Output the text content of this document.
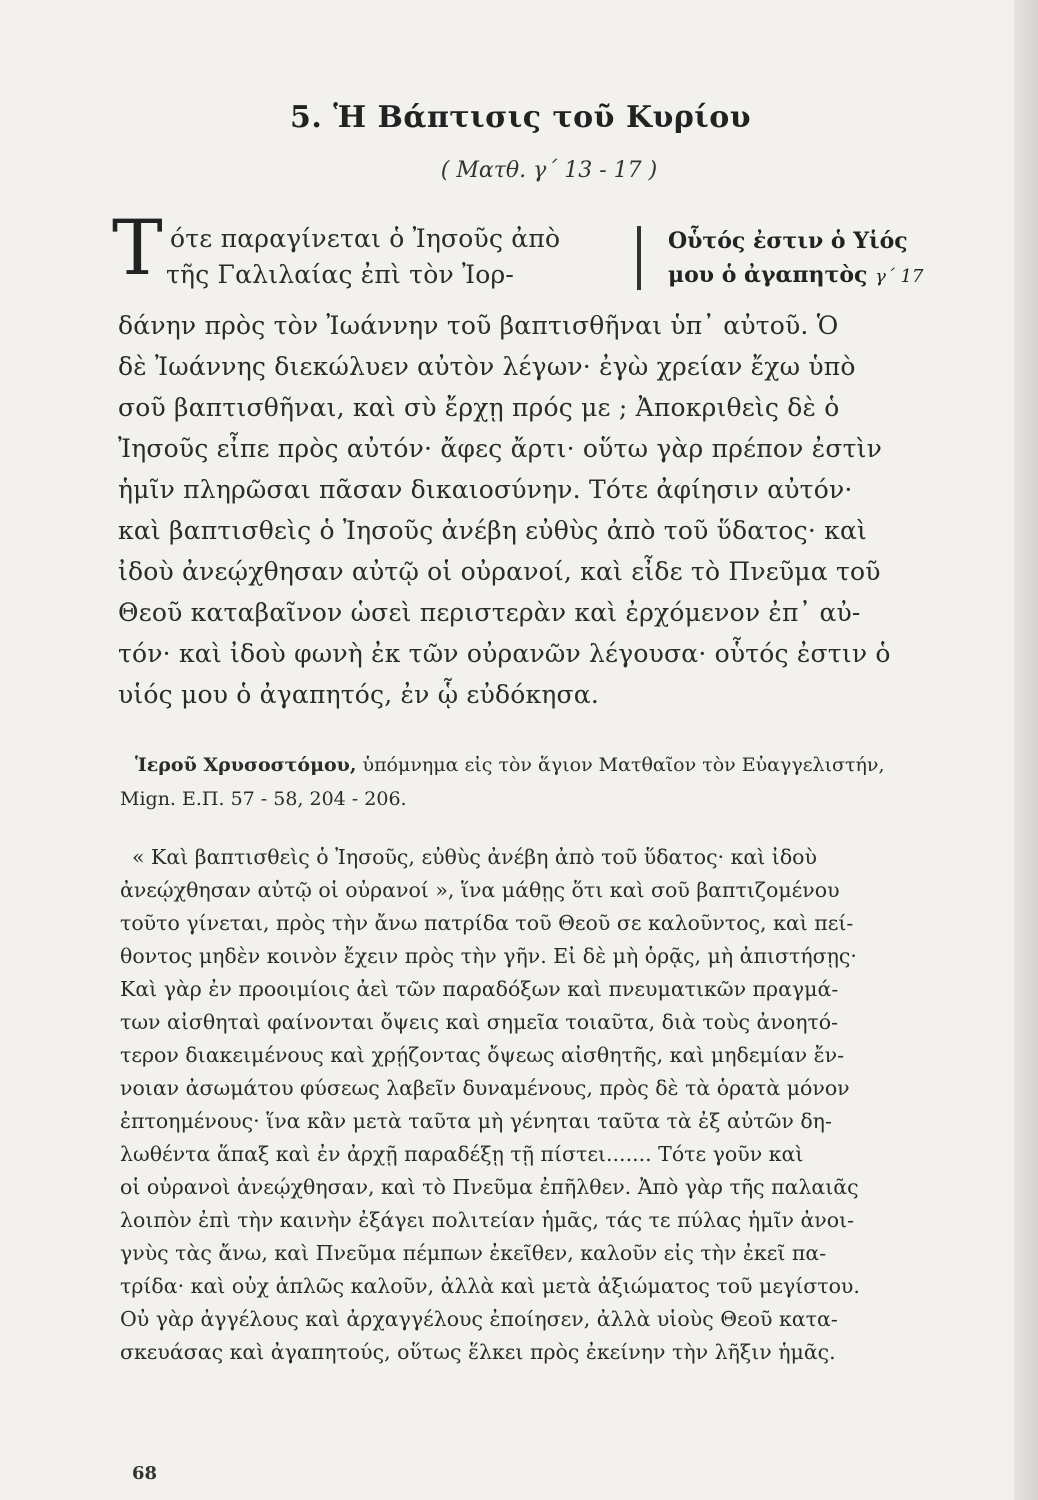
5. Ἡ Βάπτισις τοῦ Κυρίου
( Ματθ. γ΄ 13 - 17 )
Τ ότε παραγίνεται ὁ Ἰησοῦς ἀπὸ
τῆς Γαλιλαίας ἐπὶ τὸν Ἰορ-
Οὗτός ἐστιν ὁ Υἱός
μου ὁ ἀγαπητὸς γ΄ 17
δάνην πρὸς τὸν Ἰωάννην τοῦ βαπτισθῆναι ὑπ᾽ αὐτοῦ. Ὁ
δὲ Ἰωάννης διεκώλυεν αὐτὸν λέγων· ἐγὼ χρείαν ἔχω ὑπὸ
σοῦ βαπτισθῆναι, καὶ σὺ ἔρχῃ πρός με ; Ἀποκριθεὶς δὲ ὁ
Ἰησοῦς εἶπε πρὸς αὐτόν· ἄφες ἄρτι· οὕτω γὰρ πρέπον ἐστὶν
ἡμῖν πληρῶσαι πᾶσαν δικαιοσύνην. Τότε ἀφίησιν αὐτόν·
καὶ βαπτισθεὶς ὁ Ἰησοῦς ἀνέβη εὐθὺς ἀπὸ τοῦ ὕδατος· καὶ
ἰδοὺ ἀνεῴχθησαν αὐτῷ οἱ οὐρανοί, καὶ εἶδε τὸ Πνεῦμα τοῦ
Θεοῦ καταβαῖνον ὡσεὶ περιστερὰν καὶ ἐρχόμενον ἐπ᾽ αὐ-
τόν· καὶ ἰδοὺ φωνὴ ἐκ τῶν οὐρανῶν λέγουσα· οὗτός ἐστιν ὁ
υἱός μου ὁ ἀγαπητός, ἐν ᾧ εὐδόκησα.
Ἱεροῦ Χρυσοστόμου, ὑπόμνημα εἰς τὸν ἅγιον Ματθαῖον τὸν Εὐαγγελιστήν,
Mign. Ε.Π. 57 - 58, 204 - 206.
« Καὶ βαπτισθεὶς ὁ Ἰησοῦς, εὐθὺς ἀνέβη ἀπὸ τοῦ ὕδατος· καὶ ἰδοὺ
ἀνεῴχθησαν αὐτῷ οἱ οὐρανοί », ἵνα μάθῃς ὅτι καὶ σοῦ βαπτιζομένου
τοῦτο γίνεται, πρὸς τὴν ἄνω πατρίδα τοῦ Θεοῦ σε καλοῦντος, καὶ πεί-
θοντος μηδὲν κοινὸν ἔχειν πρὸς τὴν γῆν. Εἰ δὲ μὴ ὁρᾷς, μὴ ἀπιστήσῃς·
Καὶ γὰρ ἐν προοιμίοις ἀεὶ τῶν παραδόξων καὶ πνευματικῶν πραγμά-
των αἰσθηταὶ φαίνονται ὄψεις καὶ σημεῖα τοιαῦτα, διὰ τοὺς ἀνοητό-
τερον διακειμένους καὶ χρῄζοντας ὄψεως αἰσθητῆς, καὶ μηδεμίαν ἔν-
νοιαν ἀσωμάτου φύσεως λαβεῖν δυναμένους, πρὸς δὲ τὰ ὁρατὰ μόνον
ἐπτοημένους· ἵνα κἂν μετὰ ταῦτα μὴ γένηται ταῦτα τὰ ἐξ αὐτῶν δη-
λωθέντα ἅπαξ καὶ ἐν ἀρχῇ παραδέξῃ τῇ πίστει....... Τότε γοῦν καὶ
οἱ οὐρανοὶ ἀνεῴχθησαν, καὶ τὸ Πνεῦμα ἐπῆλθεν. Ἀπὸ γὰρ τῆς παλαιᾶς
λοιπὸν ἐπὶ τὴν καινὴν ἐξάγει πολιτείαν ἡμᾶς, τάς τε πύλας ἡμῖν ἀνοι-
γνὺς τὰς ἄνω, καὶ Πνεῦμα πέμπων ἐκεῖθεν, καλοῦν εἰς τὴν ἐκεῖ πα-
τρίδα· καὶ οὐχ ἁπλῶς καλοῦν, ἀλλὰ καὶ μετὰ ἀξιώματος τοῦ μεγίστου.
Οὐ γὰρ ἀγγέλους καὶ ἀρχαγγέλους ἐποίησεν, ἀλλὰ υἱοὺς Θεοῦ κατα-
σκευάσας καὶ ἀγαπητούς, οὕτως ἕλκει πρὸς ἐκείνην τὴν λῆξιν ἡμᾶς.
68
